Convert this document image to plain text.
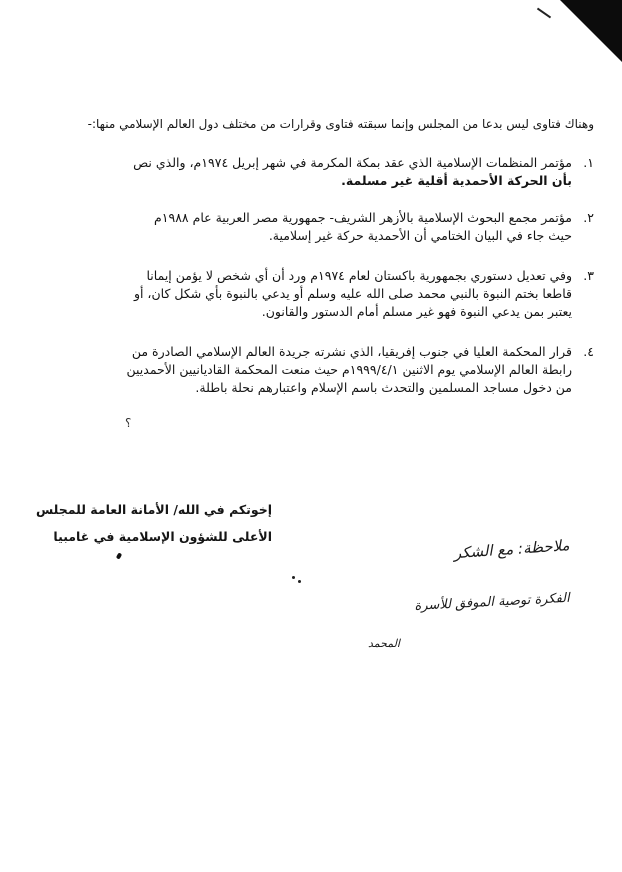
وهناك فتاوى ليس بدعا من المجلس وإنما سبقته فتاوى وقرارات من مختلف دول العالم الإسلامي منها:-
١.
مؤتمر المنظمات الإسلامية الذي عقد بمكة المكرمة في شهر إبريل ١٩٧٤م، والذي نص
بأن الحركة الأحمدية أقلية غير مسلمة.
٢.
مؤتمر مجمع البحوث الإسلامية بالأزهر الشريف- جمهورية مصر العربية عام ١٩٨٨م
حيث جاء في البيان الختامي أن الأحمدية حركة غير إسلامية.
٣.
وفي تعديل دستوري بجمهورية باكستان لعام ١٩٧٤م ورد أن أي شخص لا يؤمن إيمانا
قاطعا بختم النبوة بالنبي محمد صلى الله عليه وسلم أو يدعي بالنبوة بأي شكل كان، أو
يعتبر بمن يدعي النبوة فهو غير مسلم أمام الدستور والقانون.
٤.
قرار المحكمة العليا في جنوب إفريقيا، الذي نشرته جريدة العالم الإسلامي الصادرة من
رابطة العالم الإسلامي يوم الاثنين ١٩٩٩/٤/١م حيث منعت المحكمة القاديانيين الأحمديين
من دخول مساجد المسلمين والتحدث باسم الإسلام واعتبارهم نحلة باطلة.
؟
إخوتكم في الله/ الأمانة العامة للمجلس
الأعلى للشؤون الإسلامية في غامبيا	ملاحظة: مع الشكر
الفكرة توصية الموفق للأسرة
المحمد
